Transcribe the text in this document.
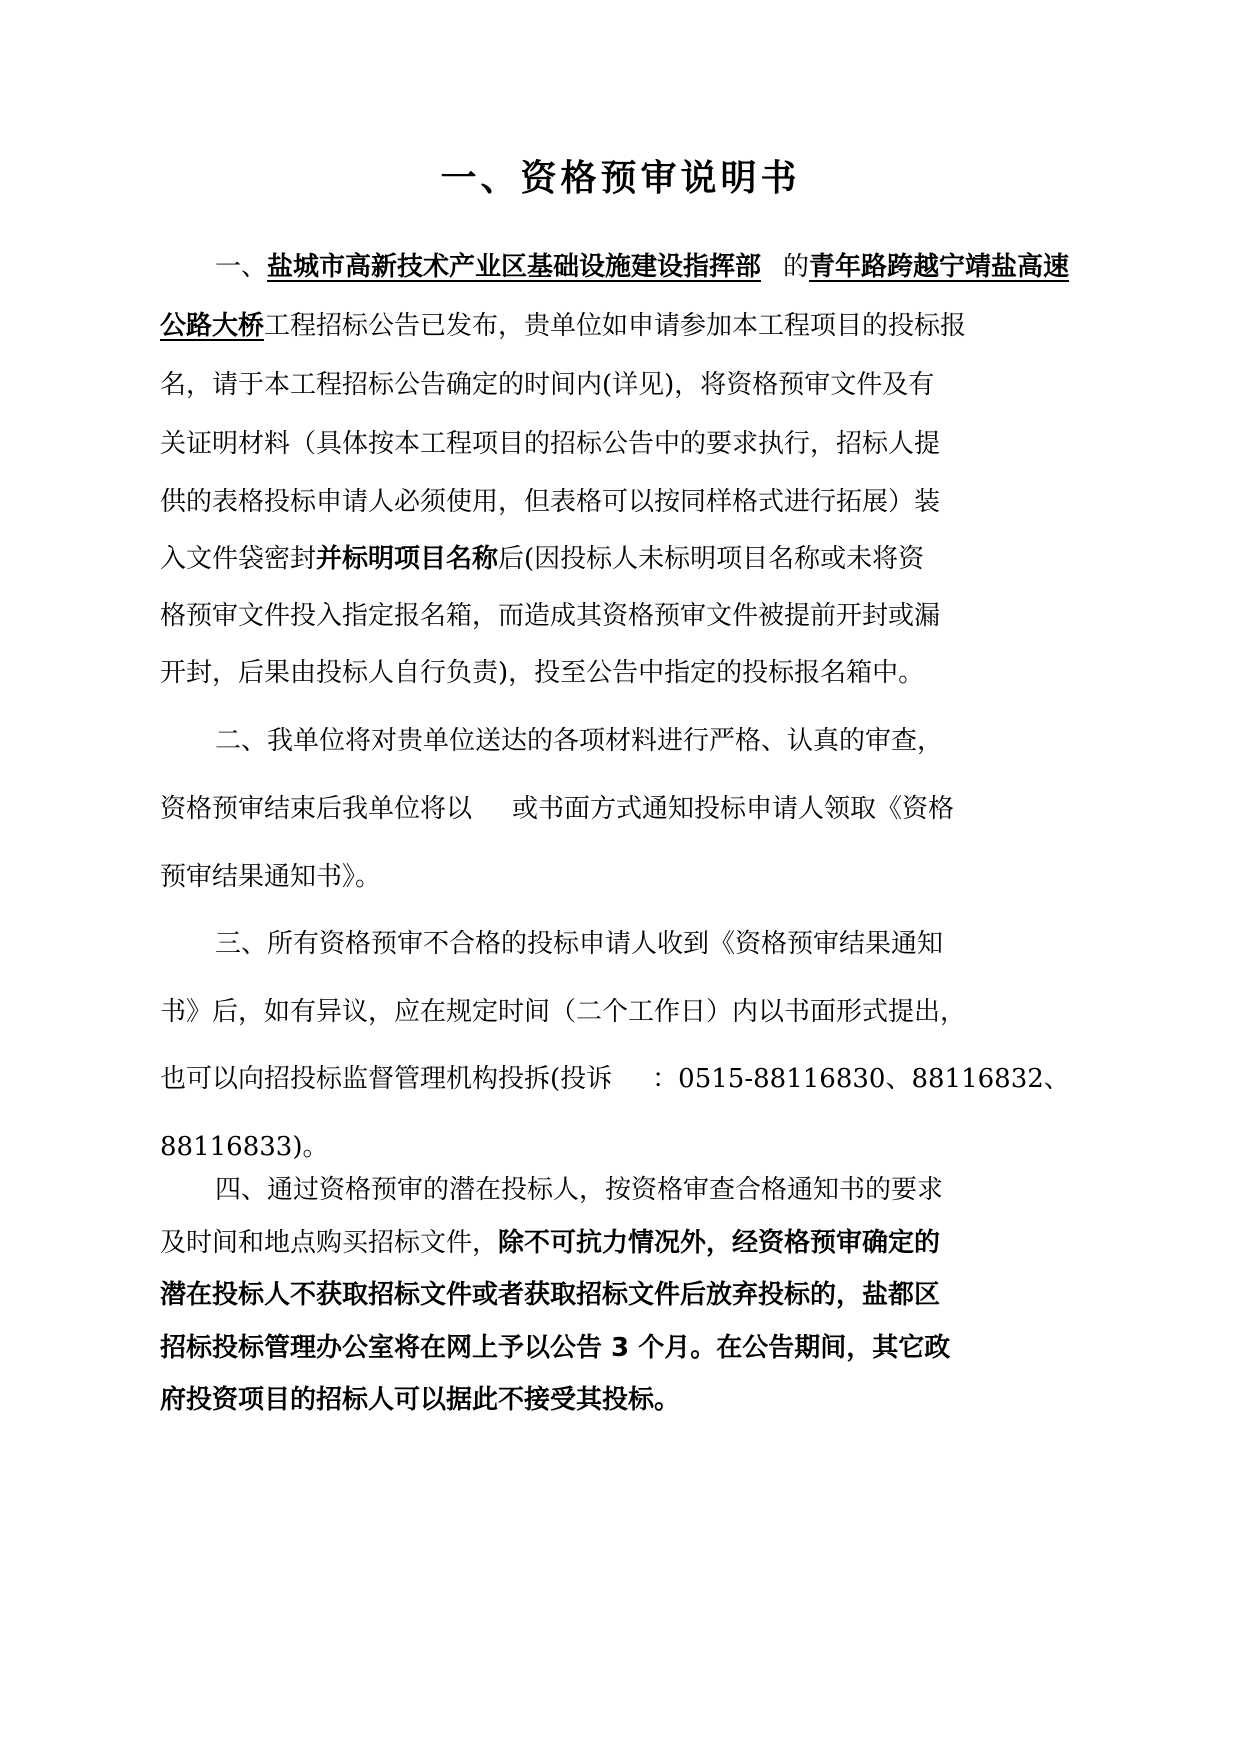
一、资格预审说明书
一、盐城市高新技术产业区基础设施建设指挥部 的青年路跨越宁靖盐高速
公路大桥工程招标公告已发布，贵单位如申请参加本工程项目的投标报
名，请于本工程招标公告确定的时间内(详见)，将资格预审文件及有
关证明材料（具体按本工程项目的招标公告中的要求执行，招标人提
供的表格投标申请人必须使用，但表格可以按同样格式进行拓展）装
入文件袋密封并标明项目名称后(因投标人未标明项目名称或未将资
格预审文件投入指定报名箱，而造成其资格预审文件被提前开封或漏
开封，后果由投标人自行负责)，投至公告中指定的投标报名箱中。
二、我单位将对贵单位送达的各项材料进行严格、认真的审查，
资格预审结束后我单位将以 或书面方式通知投标申请人领取《资格
预审结果通知书》。
三、所有资格预审不合格的投标申请人收到《资格预审结果通知
书》后，如有异议，应在规定时间（二个工作日）内以书面形式提出，
也可以向招投标监督管理机构投拆(投诉 ：0515-88116830、88116832、
88116833)。
四、通过资格预审的潜在投标人，按资格审查合格通知书的要求
及时间和地点购买招标文件，除不可抗力情况外，经资格预审确定的
潜在投标人不获取招标文件或者获取招标文件后放弃投标的，盐都区
招标投标管理办公室将在网上予以公告 3 个月。在公告期间，其它政
府投资项目的招标人可以据此不接受其投标。
